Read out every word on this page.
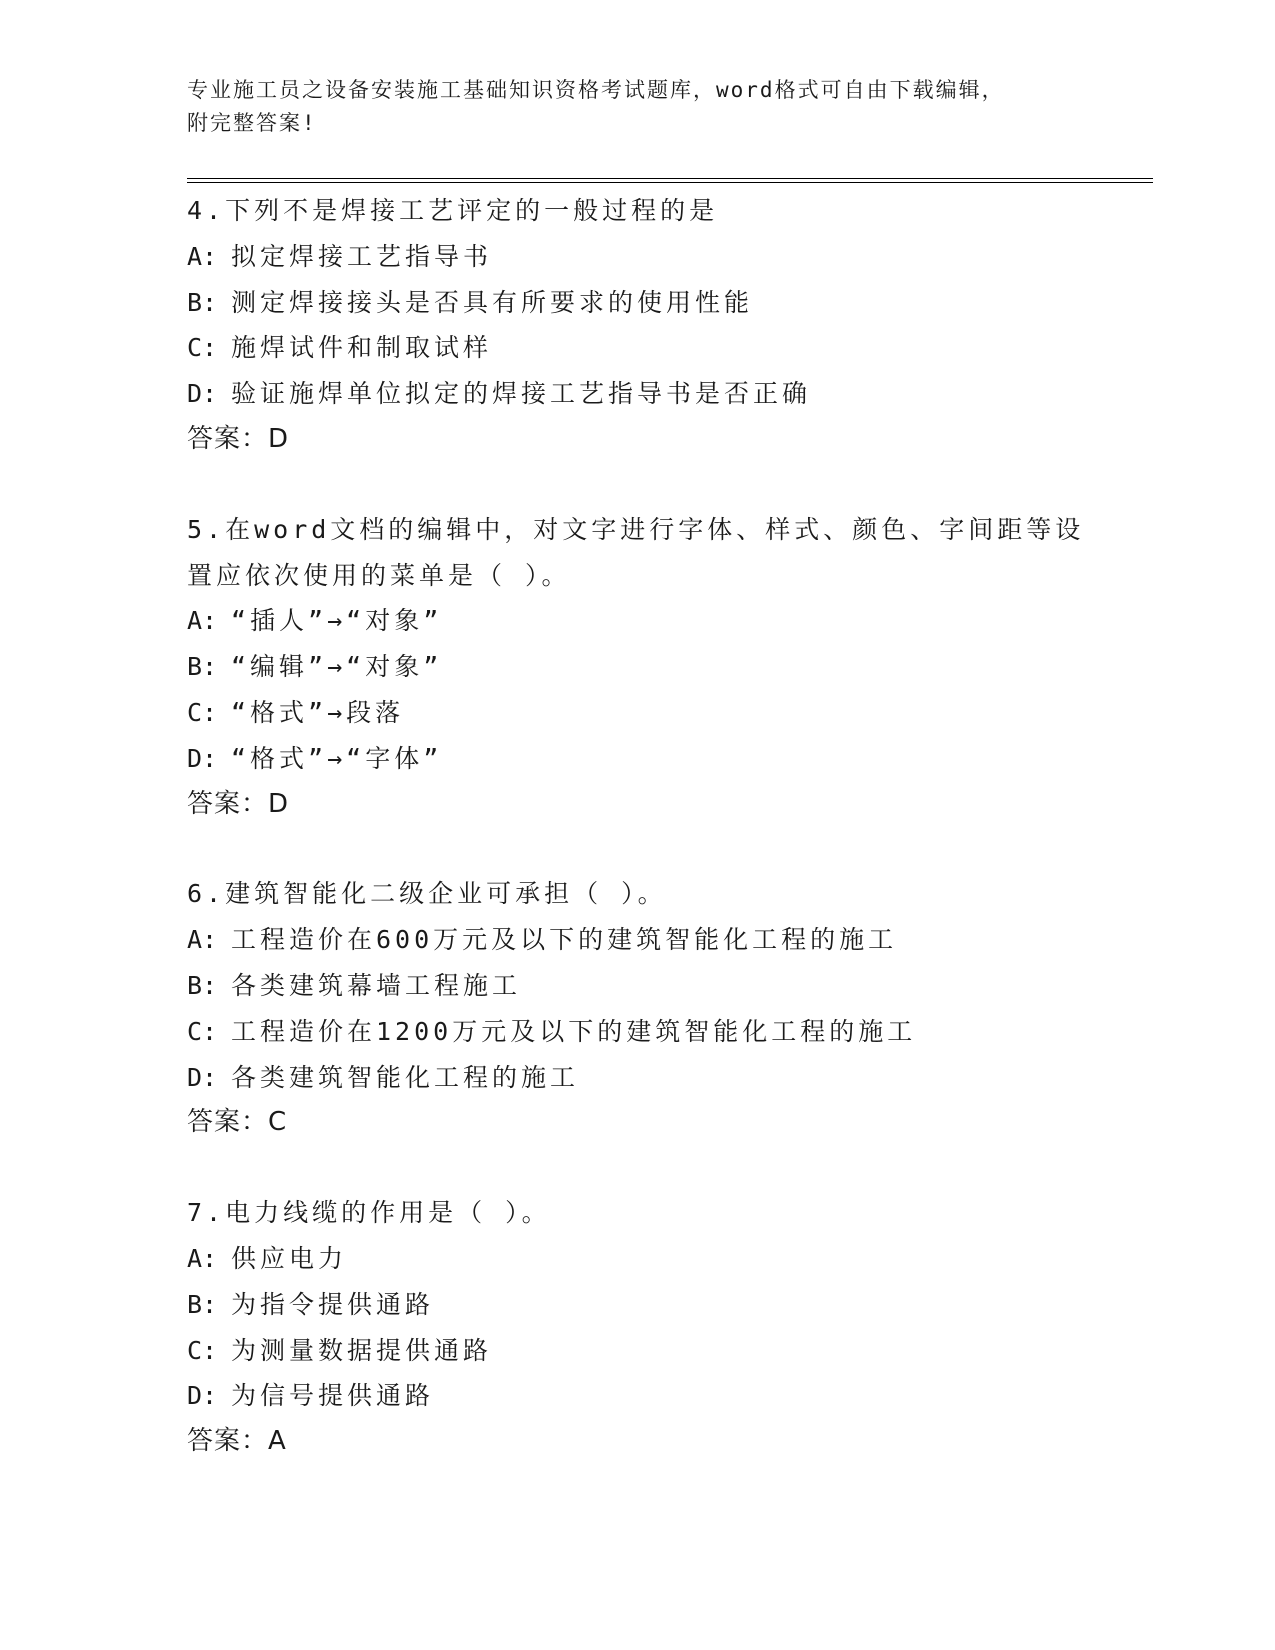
专业施工员之设备安装施工基础知识资格考试题库，word格式可自由下载编辑，
附完整答案!
4.下列不是焊接工艺评定的一般过程的是
A: 拟定焊接工艺指导书
B: 测定焊接接头是否具有所要求的使用性能
C: 施焊试件和制取试样
D: 验证施焊单位拟定的焊接工艺指导书是否正确
答案：D
5.在word文档的编辑中，对文字进行字体、样式、颜色、字间距等设
置应依次使用的菜单是（ ）。
A: “插人”→“对象”
B: “编辑”→“对象”
C: “格式”→段落
D: “格式”→“字体”
答案：D
6.建筑智能化二级企业可承担（ ）。
A: 工程造价在600万元及以下的建筑智能化工程的施工
B: 各类建筑幕墙工程施工
C: 工程造价在1200万元及以下的建筑智能化工程的施工
D: 各类建筑智能化工程的施工
答案：C
7.电力线缆的作用是（ ）。
A: 供应电力
B: 为指令提供通路
C: 为测量数据提供通路
D: 为信号提供通路
答案：A
